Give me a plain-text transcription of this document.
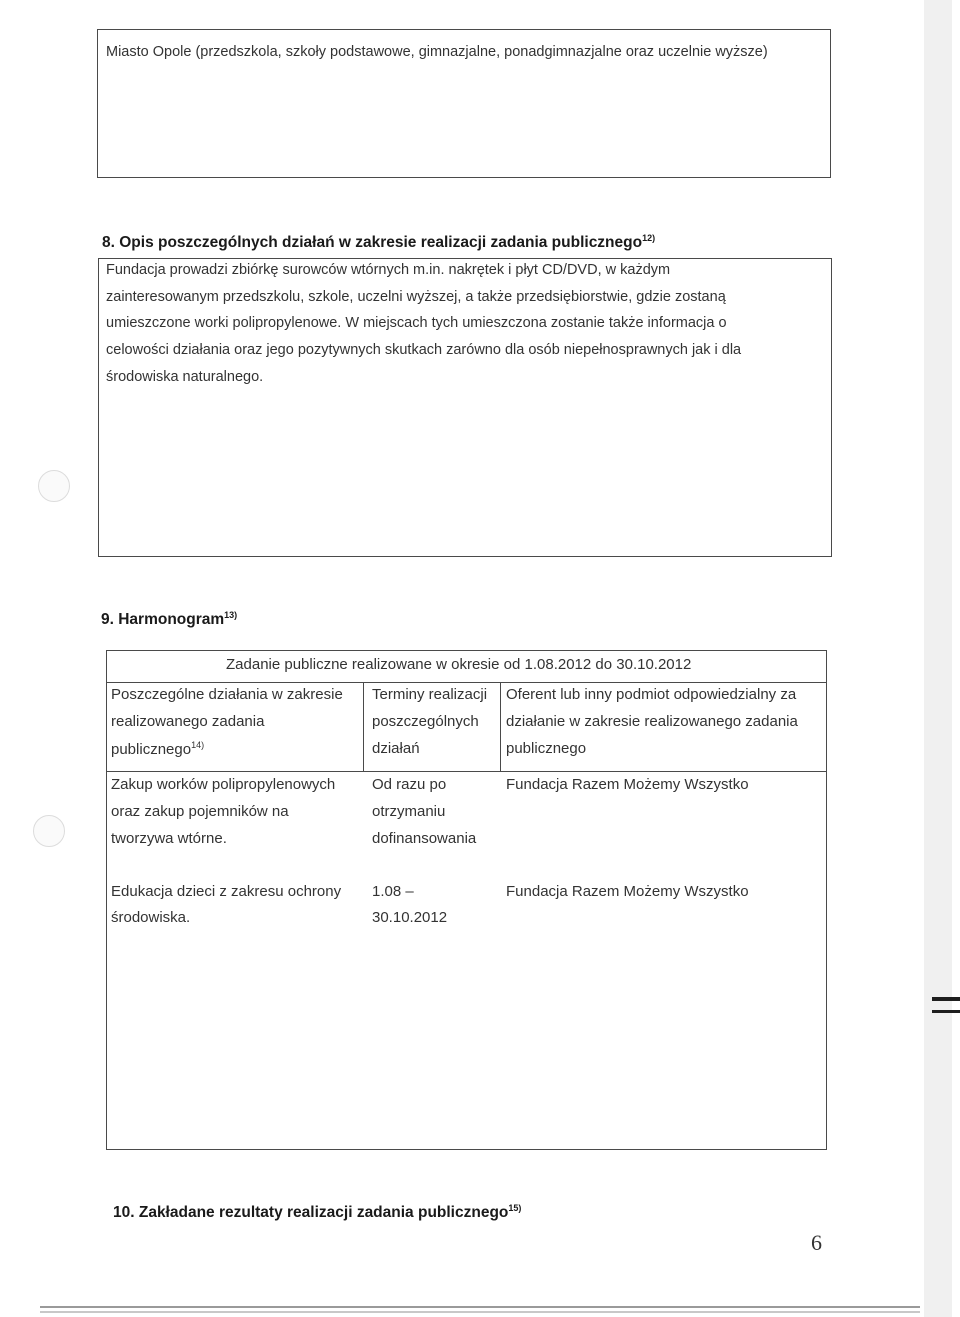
Miasto Opole (przedszkola, szkoły podstawowe, gimnazjalne, ponadgimnazjalne oraz uczelnie wyższe)
8. Opis poszczególnych działań w zakresie realizacji zadania publicznego$^{12)}$
Fundacja prowadzi zbiórkę surowców wtórnych m.in. nakrętek i płyt CD/DVD, w każdym
zainteresowanym przedszkolu, szkole, uczelni wyższej, a także przedsiębiorstwie, gdzie zostaną
umieszczone worki polipropylenowe. W miejscach tych umieszczona zostanie także informacja o
celowości działania oraz jego pozytywnych skutkach zarówno dla osób niepełnosprawnych jak i dla
środowiska naturalnego.
9. Harmonogram$^{13)}$
Zadanie publiczne realizowane w okresie od 1.08.2012 do 30.10.2012
Poszczególne działania w zakresie
realizowanego zadania
publicznego$^{14)}$
Terminy realizacji
poszczególnych
działań
Oferent lub inny podmiot odpowiedzialny za
działanie w zakresie realizowanego zadania
publicznego
Zakup worków polipropylenowych
oraz zakup pojemników na
tworzywa wtórne.
Od razu po
otrzymaniu
dofinansowania
Fundacja Razem Możemy Wszystko
Edukacja dzieci z zakresu ochrony
środowiska.
1.08 –
30.10.2012
Fundacja Razem Możemy Wszystko
10. Zakładane rezultaty realizacji zadania publicznego$^{15)}$
6
